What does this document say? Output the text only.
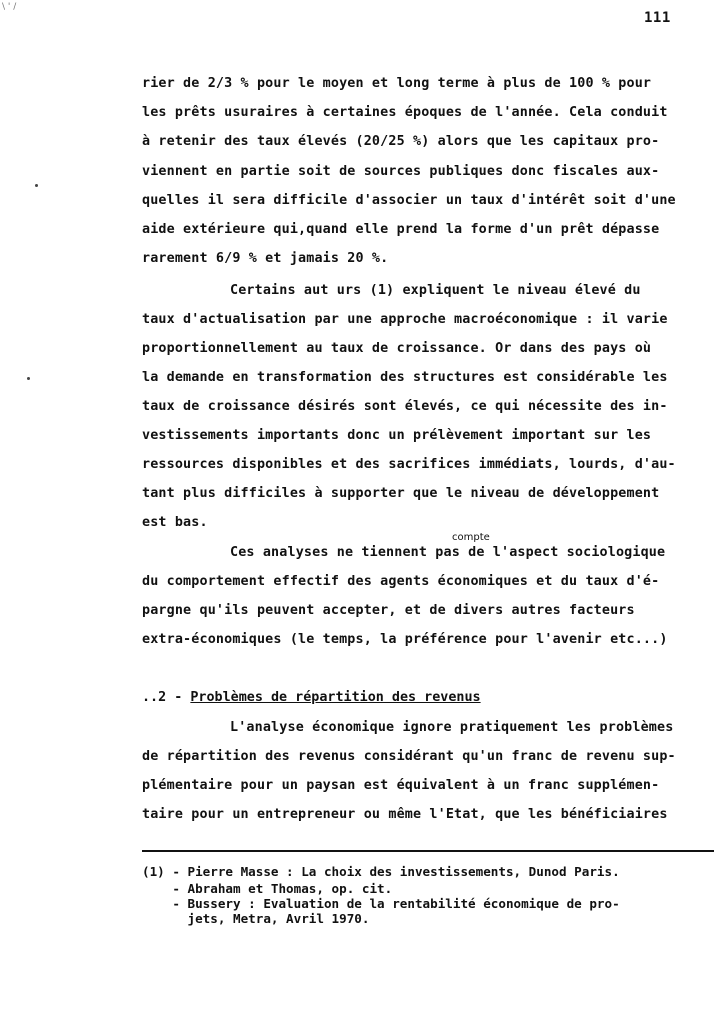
\ ' /
111
rier de 2/3 % pour le moyen et long terme à plus de 100 % pour
les prêts usuraires à certaines époques de l'année. Cela conduit
à retenir des taux élevés (20/25 %) alors que les capitaux pro-
viennent en partie soit de sources publiques donc fiscales aux-
quelles il sera difficile d'associer un taux d'intérêt soit d'une
aide extérieure qui,quand elle prend la forme d'un prêt dépasse
rarement 6/9 % et jamais 20 %.
Certains aut urs (1) expliquent le niveau élevé du
taux d'actualisation par une approche macroéconomique : il varie
proportionnellement au taux de croissance. Or dans des pays où
la demande en transformation des structures est considérable les
taux de croissance désirés sont élevés, ce qui nécessite des in-
vestissements importants donc un prélèvement important sur les
ressources disponibles et des sacrifices immédiats, lourds, d'au-
tant plus difficiles à supporter que le niveau de développement
est bas.
compte
Ces analyses ne tiennent pas de l'aspect sociologique
du comportement effectif des agents économiques et du taux d'é-
pargne qu'ils peuvent accepter, et de divers autres facteurs
extra-économiques (le temps, la préférence pour l'avenir etc...)
..2 - Problèmes de répartition des revenus
L'analyse économique ignore pratiquement les problèmes
de répartition des revenus considérant qu'un franc de revenu sup-
plémentaire pour un paysan est équivalent à un franc supplémen-
taire pour un entrepreneur ou même l'Etat, que les bénéficiaires
(1) - Pierre Masse : La choix des investissements, Dunod Paris.
- Abraham et Thomas, op. cit.
- Bussery : Evaluation de la rentabilité économique de pro-
jets, Metra, Avril 1970.
